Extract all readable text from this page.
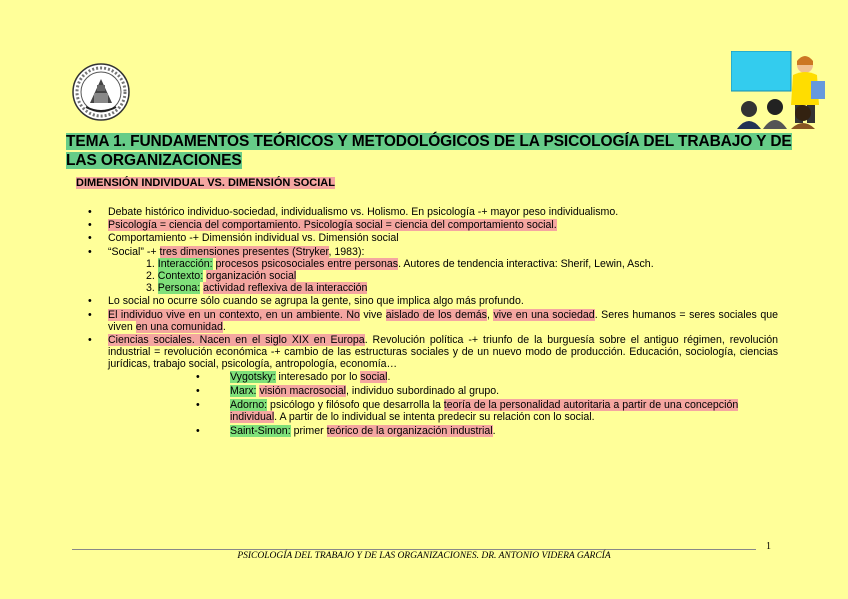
TEMA 1. FUNDAMENTOS TEÓRICOS Y METODOLÓGICOS DE LA PSICOLOGÍA DEL TRABAJO Y DE
LAS ORGANIZACIONES
DIMENSIÓN INDIVIDUAL VS. DIMENSIÓN SOCIAL
• Debate histórico individuo-sociedad, individualismo vs. Holismo. En psicología -+ mayor peso individualismo.
• Psicología = ciencia del comportamiento. Psicología social = ciencia del comportamiento social.
• Comportamiento -+ Dimensión individual vs. Dimensión social
• “Social” -+ tres dimensiones presentes (Stryker, 1983):
1. Interacción: procesos psicosociales entre personas. Autores de tendencia interactiva: Sherif, Lewin, Asch.
2. Contexto: organización social
3. Persona: actividad reflexiva de la interacción
• Lo social no ocurre sólo cuando se agrupa la gente, sino que implica algo más profundo.
• El individuo vive en un contexto, en un ambiente. No vive aislado de los demás, vive en una sociedad. Seres humanos = seres sociales que viven en una comunidad.
• Ciencias sociales. Nacen en el siglo XIX en Europa. Revolución política -+ triunfo de la burguesía sobre el antiguo régimen, revolución industrial = revolución económica -+ cambio de las estructuras sociales y de un nuevo modo de producción. Educación, sociología, ciencias jurídicas, trabajo social, psicología, antropología, economía…
• Vygotsky: interesado por lo social.
• Marx: visión macrosocial, individuo subordinado al grupo.
• Adorno: psicólogo y filósofo que desarrolla la teoría de la personalidad autoritaria a partir de una concepción individual. A partir de lo individual se intenta predecir su relación con lo social.
• Saint-Simon: primer teórico de la organización industrial.
1
PSICOLOGÍA DEL TRABAJO Y DE LAS ORGANIZACIONES. DR. ANTONIO VIDERA GARCÍA
